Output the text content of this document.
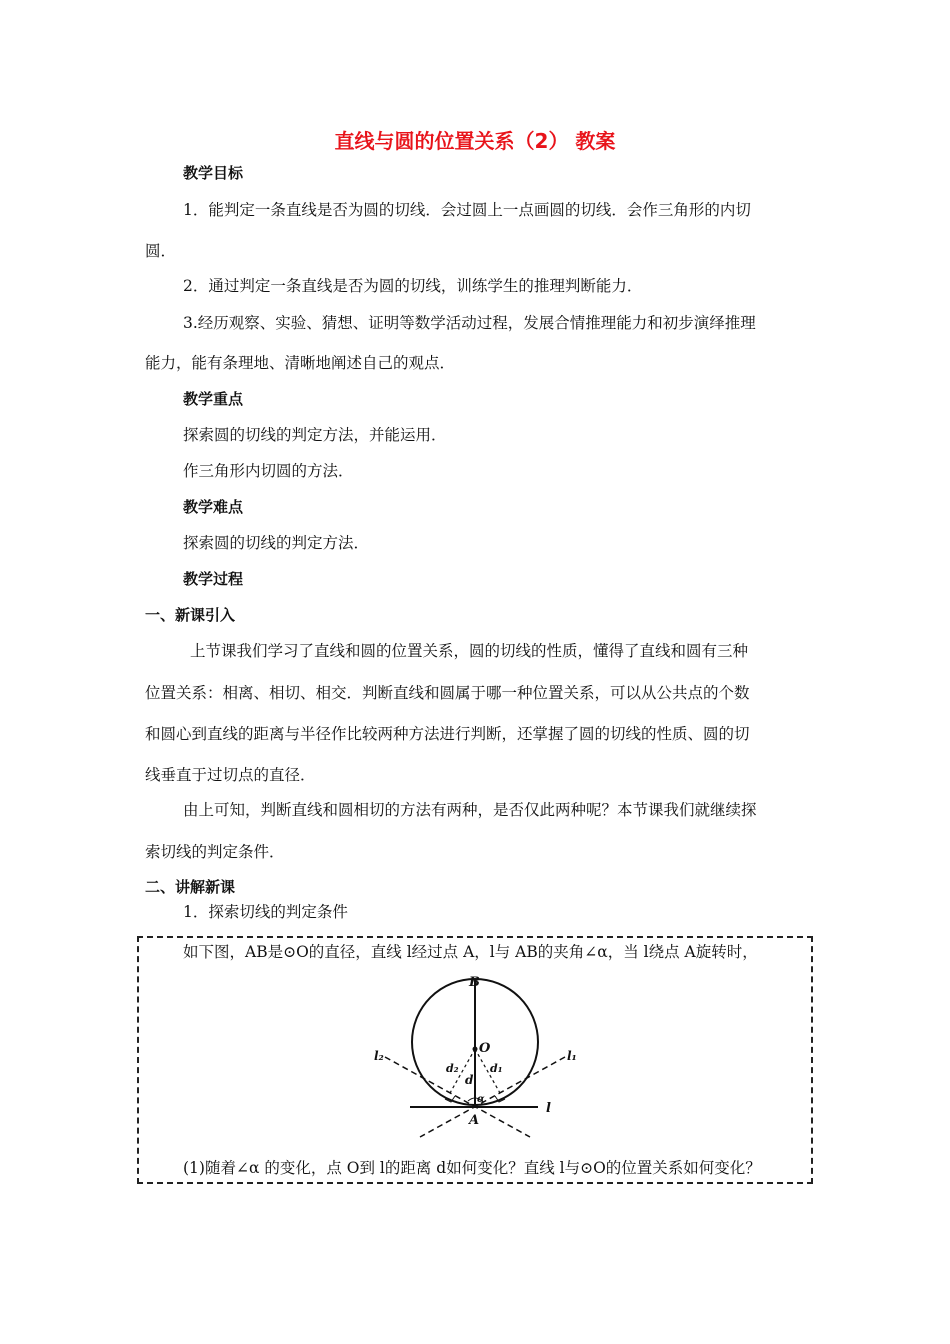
直线与圆的位置关系（2） 教案
教学目标
1．能判定一条直线是否为圆的切线．会过圆上一点画圆的切线．会作三角形的内切
圆．
2．通过判定一条直线是否为圆的切线，训练学生的推理判断能力．
3.经历观察、实验、猜想、证明等数学活动过程，发展合情推理能力和初步演绎推理
能力，能有条理地、清晰地阐述自己的观点．
教学重点
探索圆的切线的判定方法，并能运用．
作三角形内切圆的方法．
教学难点
探索圆的切线的判定方法．
教学过程
一、新课引入
上节课我们学习了直线和圆的位置关系，圆的切线的性质，懂得了直线和圆有三种
位置关系：相离、相切、相交．判断直线和圆属于哪一种位置关系，可以从公共点的个数
和圆心到直线的距离与半径作比较两种方法进行判断，还掌握了圆的切线的性质、圆的切
线垂直于过切点的直径．
由上可知，判断直线和圆相切的方法有两种，是否仅此两种呢？本节课我们就继续探
索切线的判定条件．
二、讲解新课
1．探索切线的判定条件
如下图，AB是⊙O的直径，直线 l经过点 A，l与 AB的夹角∠α，当 l绕点 A旋转时，
B
O
A
l
l₁
l₂
d
d₁
d₂
α
(1)随着∠α 的变化，点 O到 l的距离 d如何变化？直线 l与⊙O的位置关系如何变化？
